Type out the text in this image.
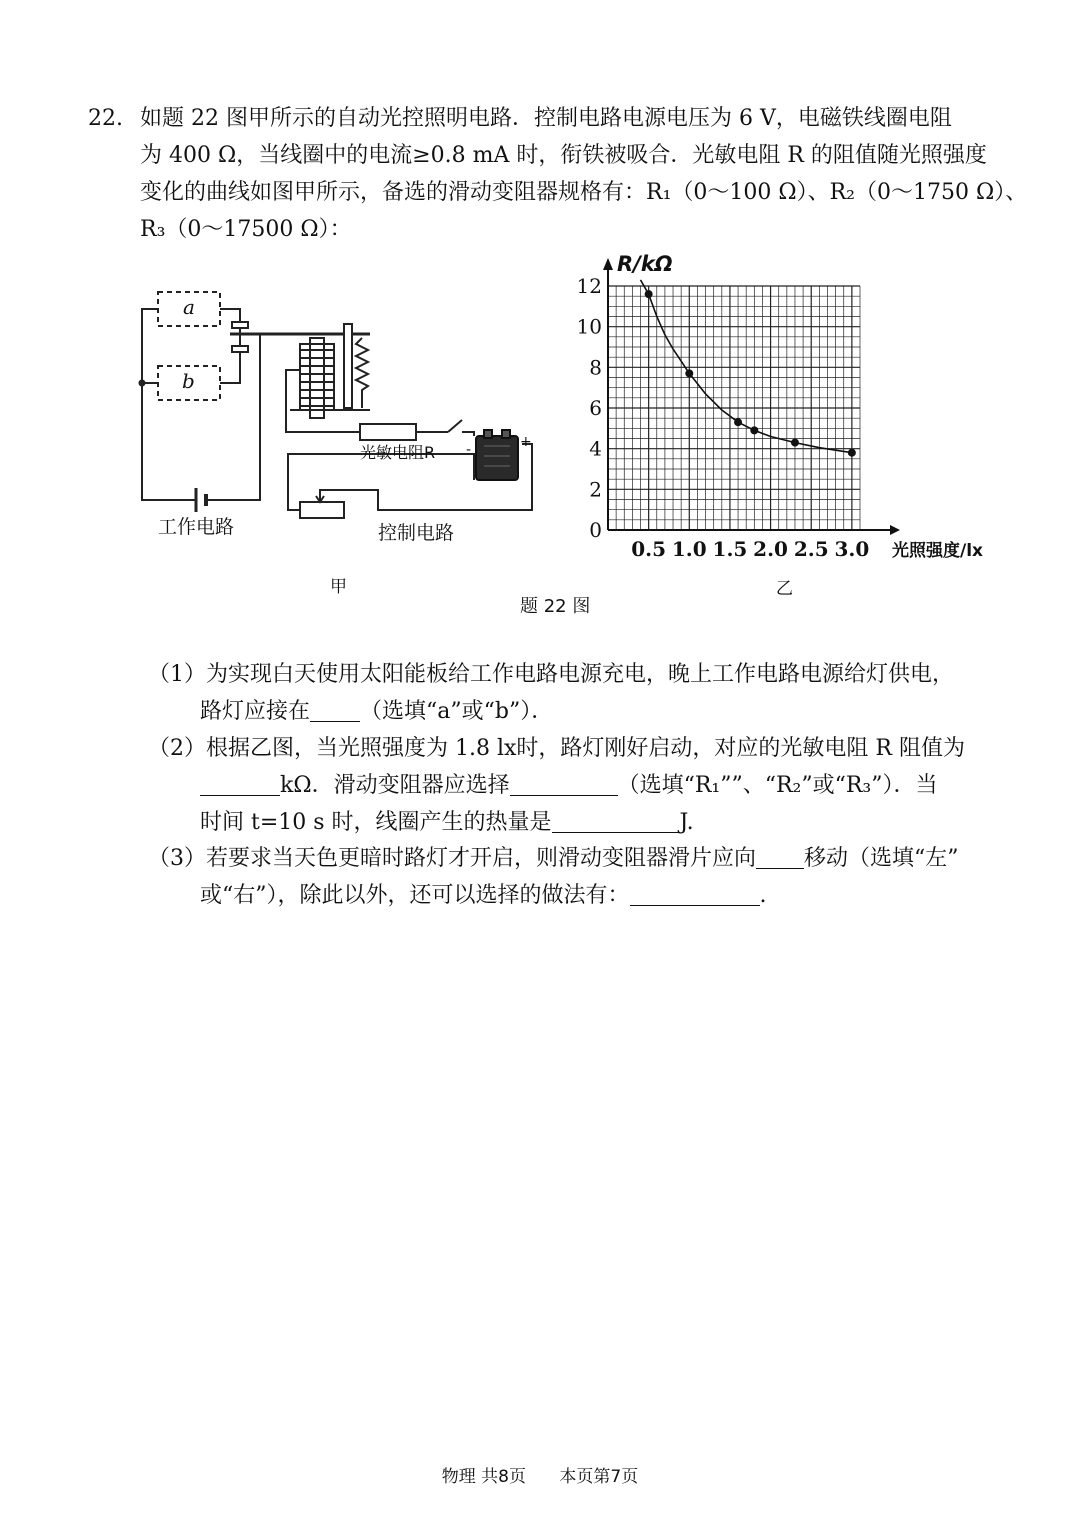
22. 如题 22 图甲所示的自动光控照明电路．控制电路电源电压为 6 V，电磁铁线圈电阻
为 400 Ω，当线圈中的电流≥0.8 mA 时，衔铁被吸合．光敏电阻 R 的阻值随光照强度
变化的曲线如图甲所示，备选的滑动变阻器规格有：R₁（0～100 Ω）、R₂（0～1750 Ω）、
R₃（0～17500 Ω）：
a
b
光敏电阻R -	+
工作电路	控制电路
甲
0
2
4
6
8
10
12
0.5 1.0 1.5 2.0 2.5 3.0
R/kΩ
光照强度/lx
乙
题 22 图
（1）为实现白天使用太阳能板给工作电路电源充电，晚上工作电路电源给灯供电，
路灯应接在 （选填“a”或“b”）．
（2）根据乙图，当光照强度为 1.8 lx时，路灯刚好启动，对应的光敏电阻 R 阻值为
kΩ．滑动变阻器应选择	（选填“R₁””、“R₂”或“R₃”）．当
时间 t=10 s 时，线圈产生的热量是	J.
（3）若要求当天色更暗时路灯才开启，则滑动变阻器滑片应向 移动（选填“左”
或“右”），除此以外，还可以选择的做法有：	.
物理 共8页 本页第7页
